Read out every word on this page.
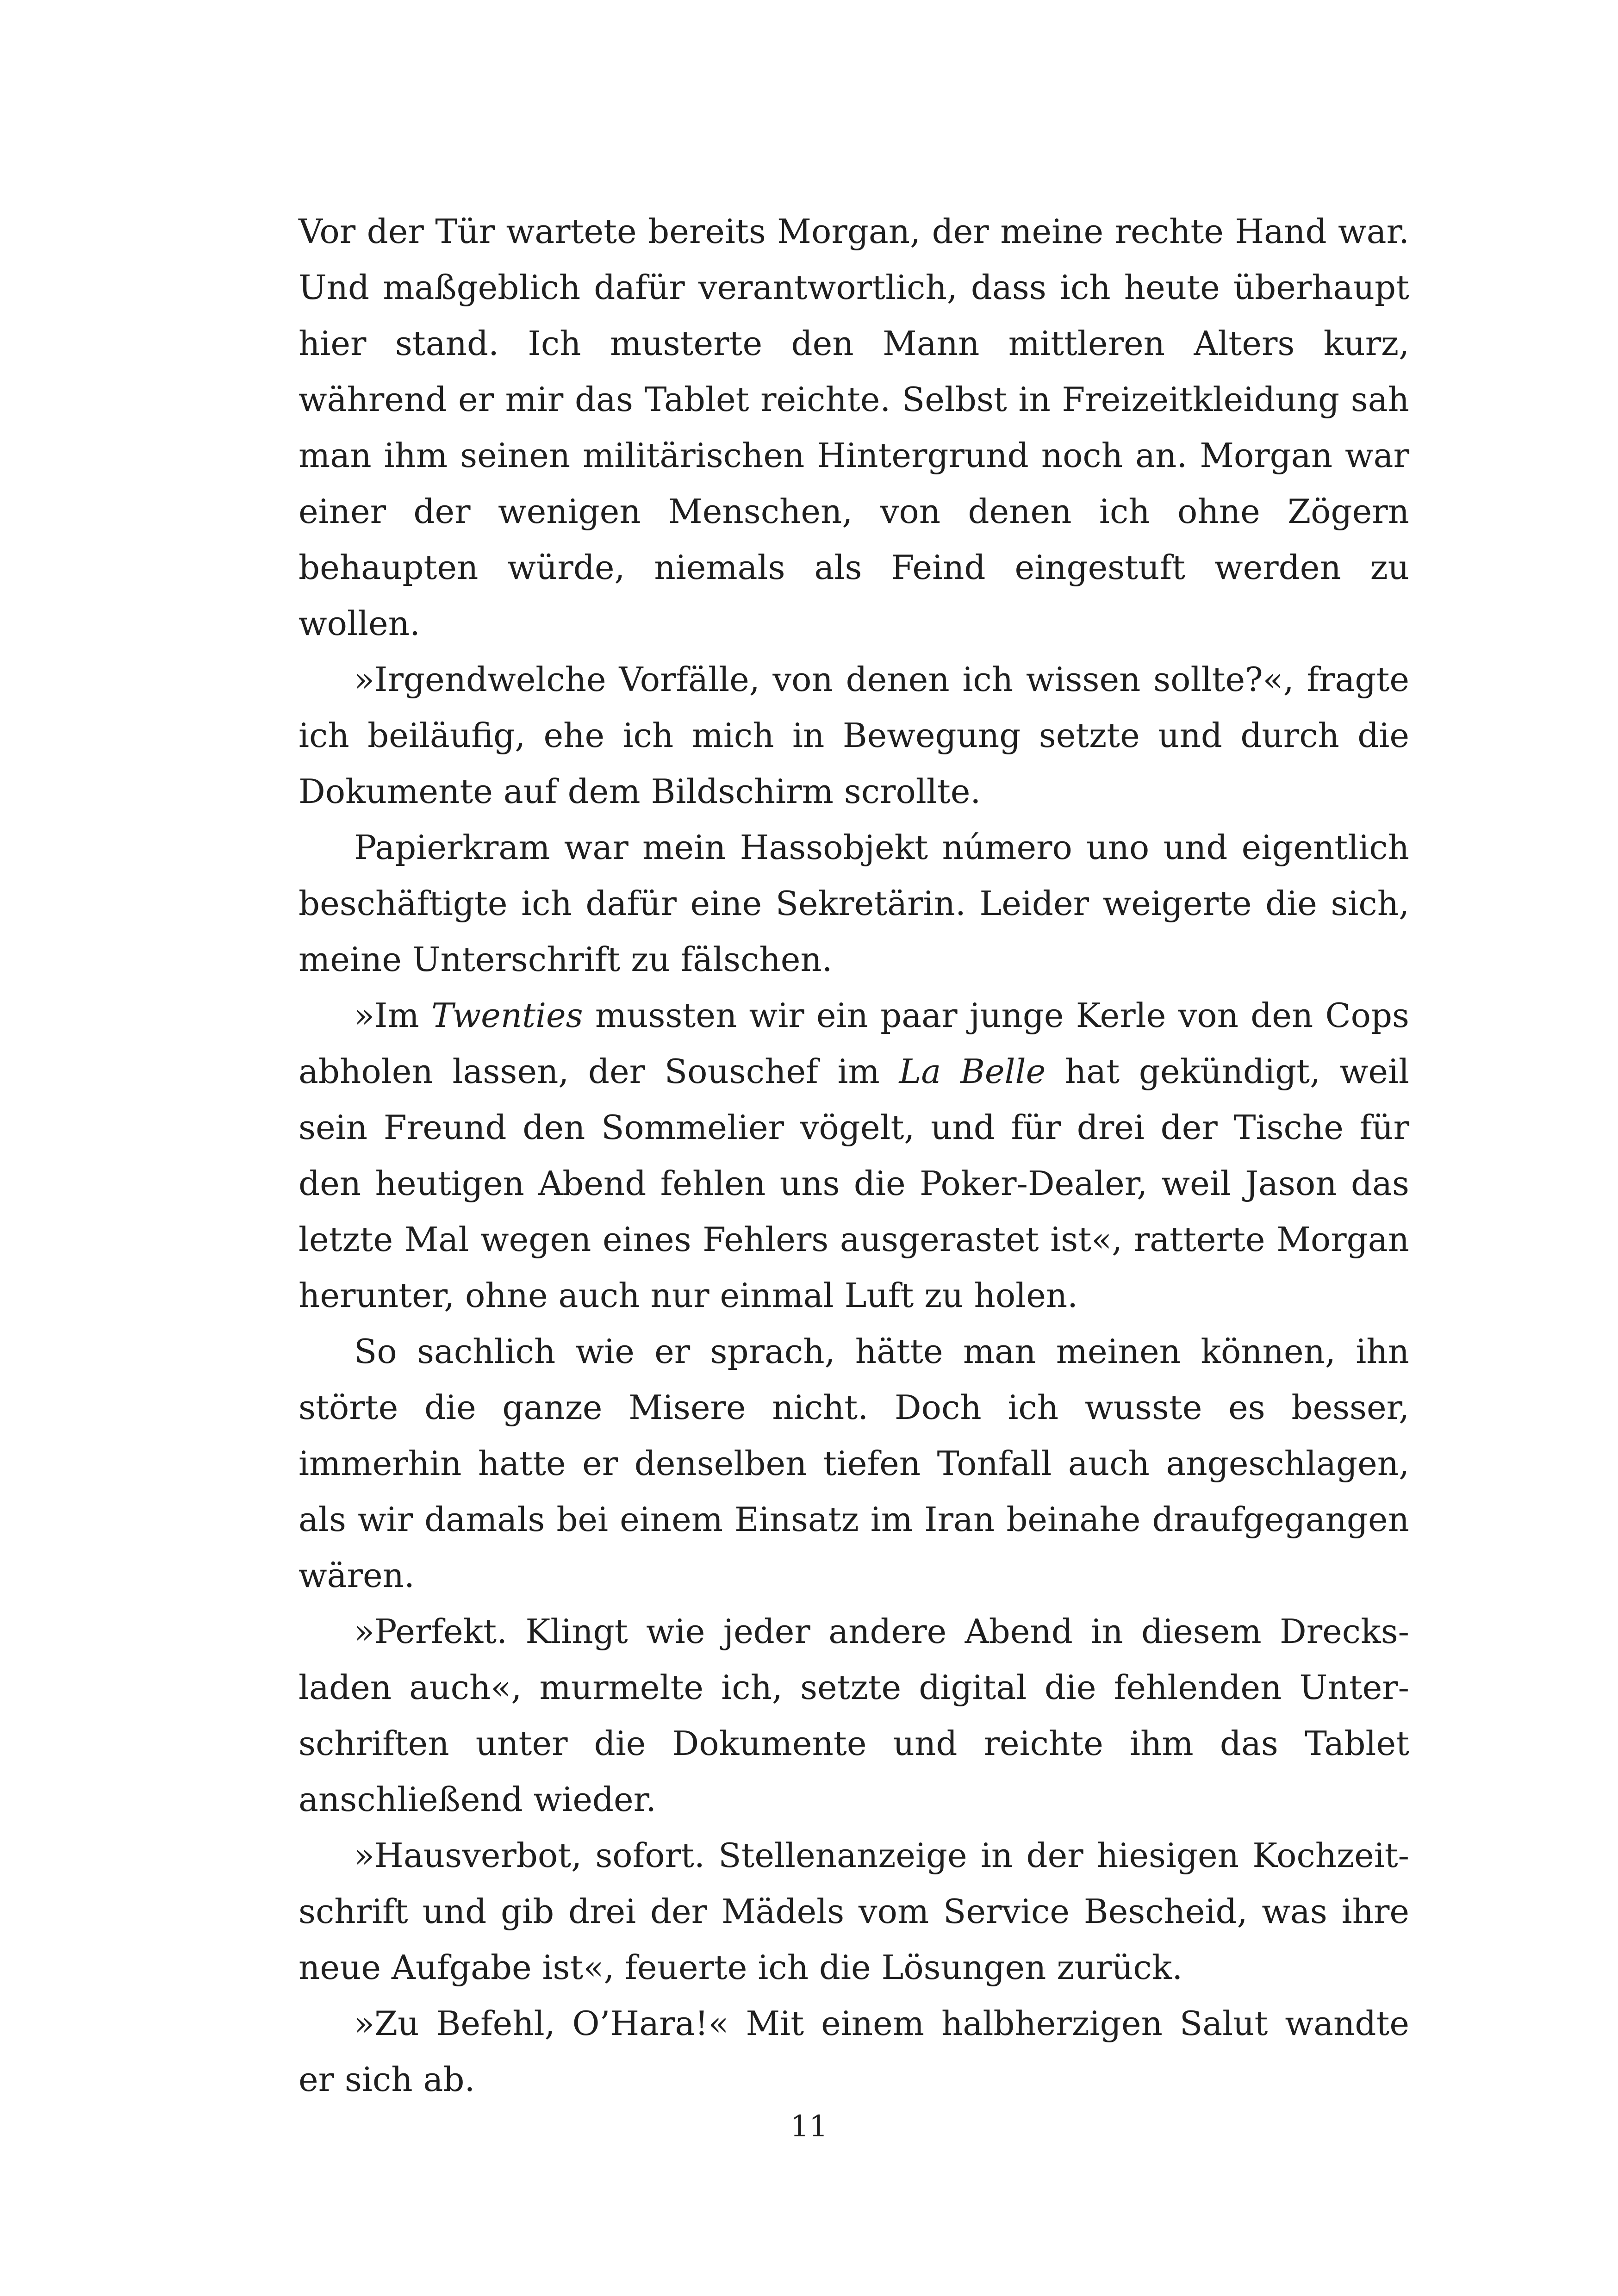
Vor der Tür wartete bereits Morgan, der meine rechte Hand war. Und maßgeblich dafür verantwortlich, dass ich heute überhaupt hier stand. Ich musterte den Mann mittleren Alters kurz, während er mir das Tablet reichte. Selbst in Freizeitkleidung sah man ihm seinen militärischen Hintergrund noch an. Morgan war einer der wenigen Menschen, von denen ich ohne Zögern behaupten würde, niemals als Feind eingestuft werden zu wollen.

»Irgendwelche Vorfälle, von denen ich wissen sollte?«, fragte ich beiläufig, ehe ich mich in Bewegung setzte und durch die Dokumente auf dem Bildschirm scrollte.

Papierkram war mein Hassobjekt número uno und eigentlich beschäftigte ich dafür eine Sekretärin. Leider weigerte die sich, meine Unterschrift zu fälschen.

»Im Twenties mussten wir ein paar junge Kerle von den Cops abholen lassen, der Souschef im La Belle hat gekündigt, weil sein Freund den Sommelier vögelt, und für drei der Tische für den heutigen Abend fehlen uns die Poker-Dealer, weil Jason das letzte Mal wegen eines Fehlers ausgerastet ist«, ratterte Morgan herunter, ohne auch nur einmal Luft zu holen.

So sachlich wie er sprach, hätte man meinen können, ihn störte die ganze Misere nicht. Doch ich wusste es besser, immerhin hatte er denselben tiefen Tonfall auch angeschlagen, als wir damals bei einem Einsatz im Iran beinahe draufgegangen wären.

»Perfekt. Klingt wie jeder andere Abend in diesem Drecksladen auch«, murmelte ich, setzte digital die fehlenden Unterschriften unter die Dokumente und reichte ihm das Tablet anschließend wieder.

»Hausverbot, sofort. Stellenanzeige in der hiesigen Kochzeitschrift und gib drei der Mädels vom Service Bescheid, was ihre neue Aufgabe ist«, feuerte ich die Lösungen zurück.

»Zu Befehl, O’Hara!« Mit einem halbherzigen Salut wandte er sich ab.

11
